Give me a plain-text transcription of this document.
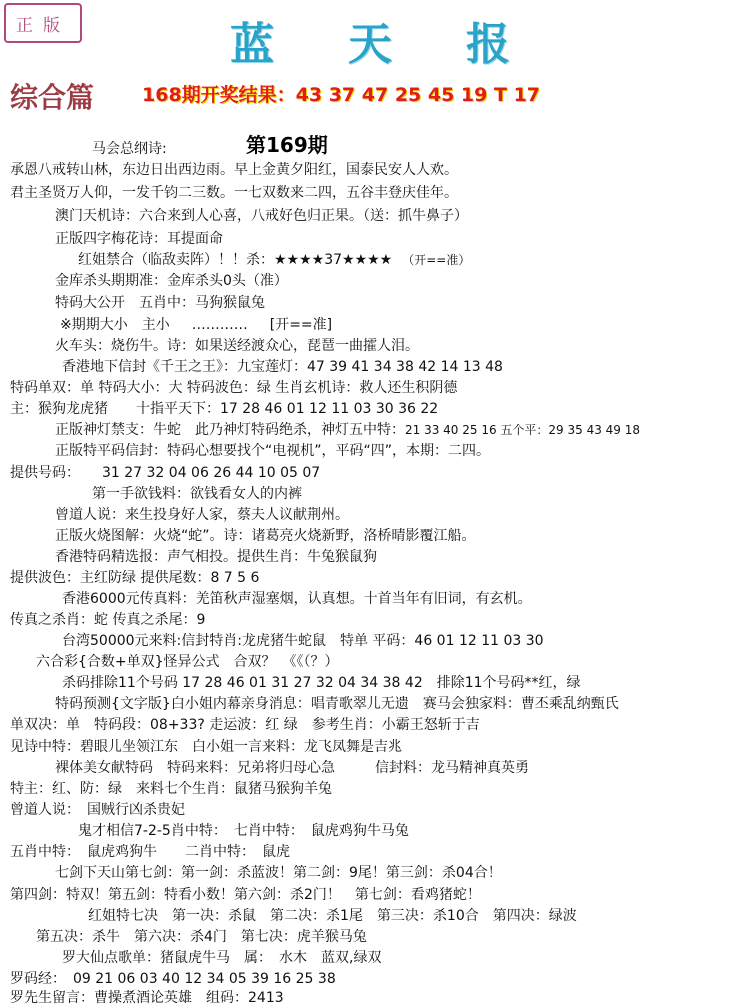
正版	蓝 天 报
综合篇	168期开奖结果：43 37 47 25 45 19 T 17
第169期
马会总纲诗:
承恩八戒转山林，东边日出西边雨。早上金黄夕阳红，国泰民安人人欢。
君主圣贤万人仰，一发千钧二三数。一七双数来二四，五谷丰登庆佳年。
澳门天机诗：六合来到人心喜，八戒好色归正果。（送：抓牛鼻子）
正版四字梅花诗：耳提面命
红姐禁合（临敌卖阵）！！杀：★★★★37★★★★ （开==准）
金库杀头期期准：金库杀头0头（准）
特码大公开　五肖中：马狗猴鼠兔
※期期大小　主小 ………… [开==准]
火车头：烧伤牛。诗：如果送经渡众心，琵琶一曲攉人泪。
香港地下信封《千王之王》：九宝莲灯：47 39 41 34 38 42 14 13 48
特码单双：单 特码大小：大 特码波色：绿 生肖玄机诗：救人还生积阴德
主：猴狗龙虎猪　　十指平天下：17 28 46 01 12 11 03 30 36 22
正版神灯禁支：牛蛇　此乃神灯特码绝杀，神灯五中特：21 33 40 25 16 五个平：29 35 43 49 18
正版特平码信封：特码心想要找个“电视机”，平码“四”，本期：二四。
提供号码： 31 27 32 04 06 26 44 10 05 07
第一手欲钱料：欲钱看女人的内裤
曾道人说：来生投身好人家，蔡夫人议献荆州。
正版火烧图解：火烧“蛇”。诗：诸葛亮火烧新野，洛桥晴影覆江船。
香港特码精选报：声气相投。提供生肖：牛兔猴鼠狗
提供波色：主红防绿 提供尾数：8 7 5 6
香港6000元传真料：羌笛秋声湿塞烟，认真想。十首当年有旧词，有玄机。
传真之杀肖：蛇 传真之杀尾：9
台湾50000元来料:信封特肖:龙虎猪牛蛇鼠　特单 平码：46 01 12 11 03 30
六合彩{合数+单双}怪异公式　合双？　《《（？）
杀码排除11个号码 17 28 46 01 31 27 32 04 34 38 42　排除11个号码**红，绿
特码预测{文字版}白小姐内幕亲身消息：唱青歌翠儿无遗　赛马会独家料：曹丕乘乱纳甄氏
单双决：单　特码段：08+33? 走运波：红 绿　参考生肖：小霸王怒斩于吉
见诗中特：碧眼儿坐领江东　白小姐一言来料：龙飞凤舞是吉兆
裸体美女献特码　特码来料：兄弟将归母心急	信封料：龙马精神真英勇
特主：红、防：绿　来料七个生肖：鼠猪马猴狗羊兔
曾道人说：　国贼行凶杀贵妃
鬼才相信7-2-5肖中特：　七肖中特：　鼠虎鸡狗牛马兔
五肖中特：　鼠虎鸡狗牛　　二肖中特：　鼠虎
七剑下天山第七剑：第一剑：杀蓝波！第二剑：9尾！第三剑：杀04合！
第四剑：特双！第五剑：特看小数！第六剑：杀2门！　第七剑：看鸡猪蛇！
红姐特七决　第一决：杀鼠　第二决：杀1尾　第三决：杀10合　第四决：绿波
第五决：杀牛　第六决：杀4门　第七决：虎羊猴马兔
罗大仙点歌单：猪鼠虎牛马　属：　水木　蓝双,绿双
罗码经：　09 21 06 03 40 12 34 05 39 16 25 38
罗先生留言：曹操煮酒论英雄　组码：2413
